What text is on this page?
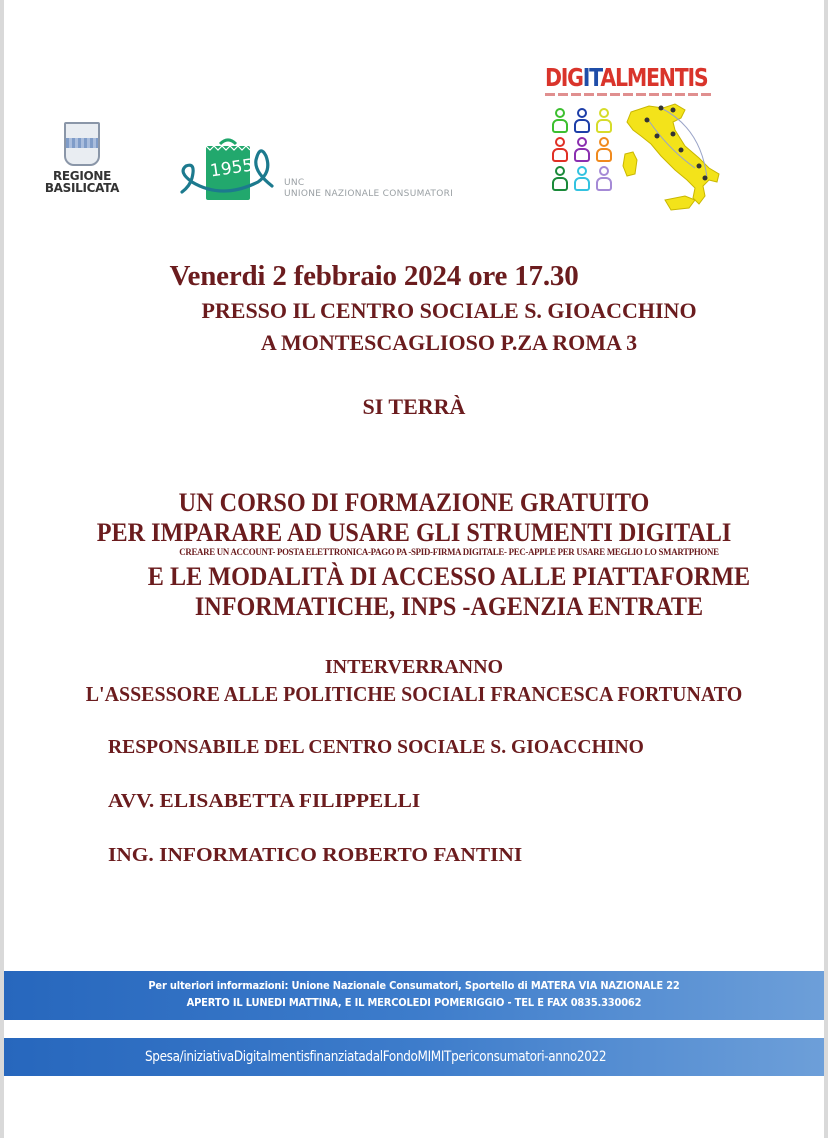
REGIONE
BASILICATA
1955
UNC
UNIONE NAZIONALE CONSUMATORI
DIGITALMENTIS
Venerdi 2 febbraio 2024 ore 17.30
PRESSO IL CENTRO SOCIALE S. GIOACCHINO
A MONTESCAGLIOSO P.ZA ROMA 3
SI TERRÀ
UN CORSO DI FORMAZIONE GRATUITO
PER IMPARARE AD USARE GLI STRUMENTI DIGITALI
CREARE UN ACCOUNT- POSTA ELETTRONICA-PAGO PA -SPID-FIRMA DIGITALE- PEC-APPLE PER USARE MEGLIO LO SMARTPHONE
E LE MODALITÀ DI ACCESSO ALLE PIATTAFORME
INFORMATICHE, INPS -AGENZIA ENTRATE
INTERVERRANNO
L'ASSESSORE ALLE POLITICHE SOCIALI FRANCESCA FORTUNATO
RESPONSABILE DEL CENTRO SOCIALE S. GIOACCHINO
AVV. ELISABETTA FILIPPELLI
ING. INFORMATICO ROBERTO FANTINI
Per ulteriori informazioni: Unione Nazionale Consumatori, Sportello di MATERA VIA NAZIONALE 22
APERTO IL LUNEDI MATTINA, E IL MERCOLEDI POMERIGGIO - TEL E FAX 0835.330062
Spesa/iniziativaDigitalmentisfinanziatadalFondoMIMITpericonsumatori-anno2022
